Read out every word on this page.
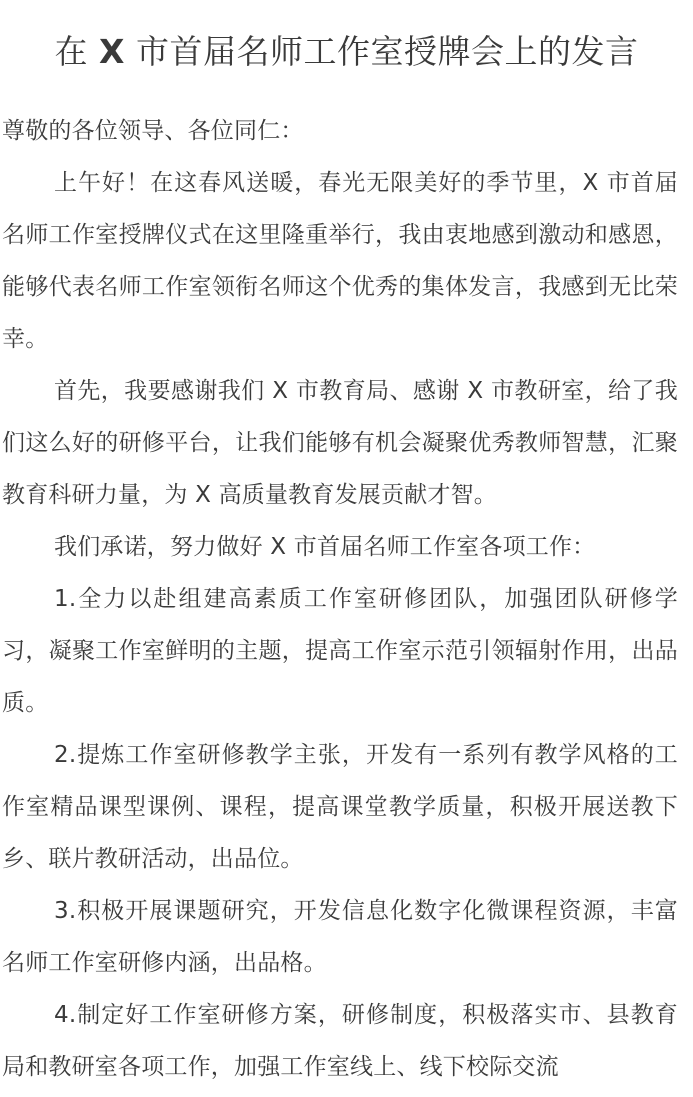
在 X 市首届名师工作室授牌会上的发言

尊敬的各位领导、各位同仁：

上午好！在这春风送暖，春光无限美好的季节里，X 市首届名师工作室授牌仪式在这里隆重举行，我由衷地感到激动和感恩，能够代表名师工作室领衔名师这个优秀的集体发言，我感到无比荣幸。

首先，我要感谢我们 X 市教育局、感谢 X 市教研室，给了我们这么好的研修平台，让我们能够有机会凝聚优秀教师智慧，汇聚教育科研力量，为 X 高质量教育发展贡献才智。

我们承诺，努力做好 X 市首届名师工作室各项工作：

1.全力以赴组建高素质工作室研修团队，加强团队研修学习，凝聚工作室鲜明的主题，提高工作室示范引领辐射作用，出品质。

2.提炼工作室研修教学主张，开发有一系列有教学风格的工作室精品课型课例、课程，提高课堂教学质量，积极开展送教下乡、联片教研活动，出品位。

3.积极开展课题研究，开发信息化数字化微课程资源，丰富名师工作室研修内涵，出品格。

4.制定好工作室研修方案，研修制度，积极落实市、县教育局和教研室各项工作，加强工作室线上、线下校际交流
